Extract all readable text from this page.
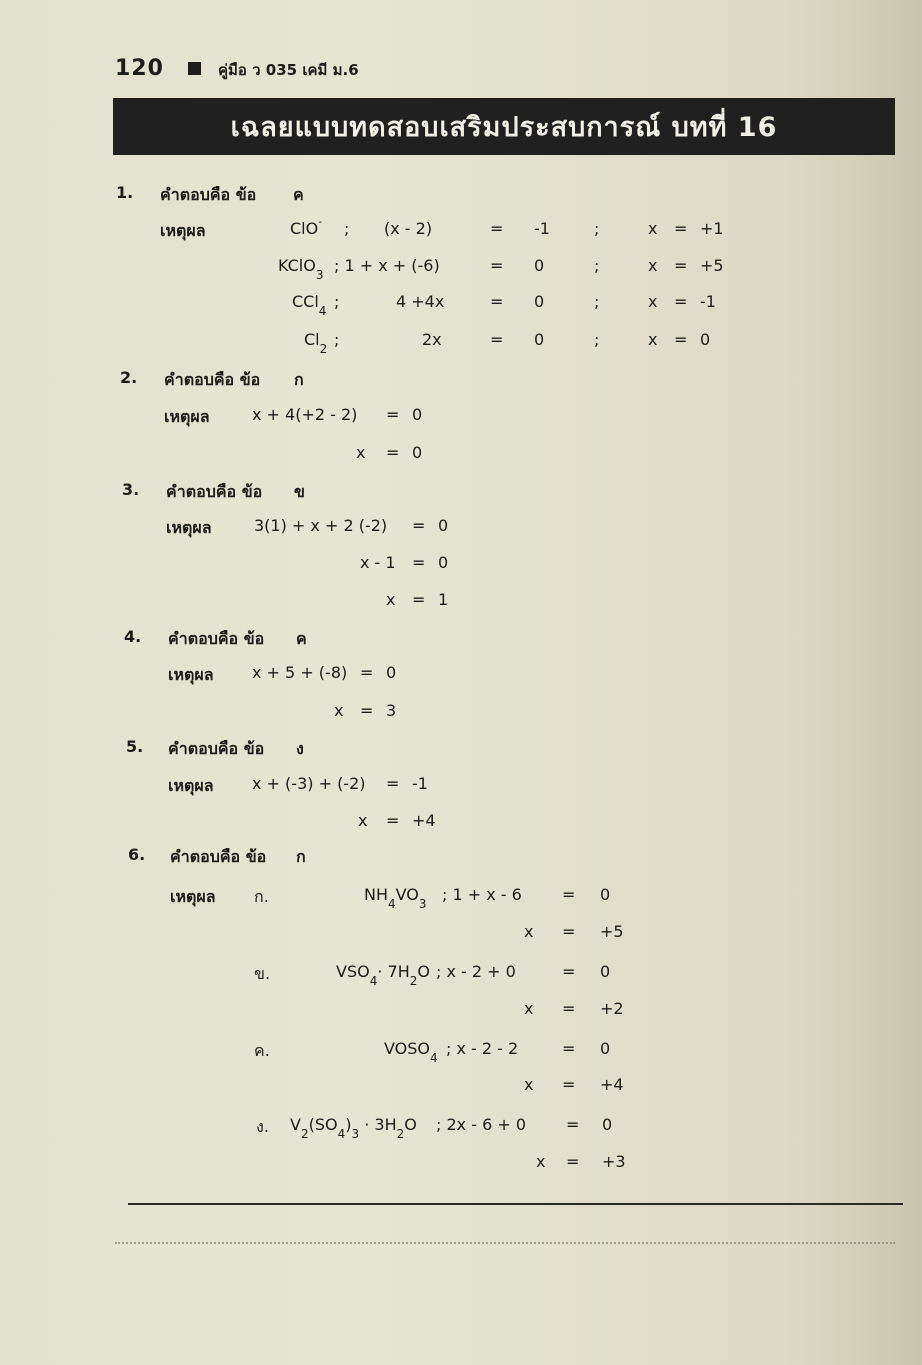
120	คู่มือ ว 035 เคมี ม.6
เฉลยแบบทดสอบเสริมประสบการณ์ บทที่ 16
1. คำตอบคือ ข้อ ค
เหตุผล	ClO- ; (x - 2)	= -1	;	x = +1
KClO$_3$ ; 1 + x + (-6)	= 0	;	x = +5
CCl$_4$ ;	4 +4x	= 0	;	x = -1
$Cl_2$ ;	2x	= 0	;	x = 0
2. คำตอบคือ ข้อ ก
เหตุผล	x + 4(+2 - 2) = 0
x = 0
3. คำตอบคือ ข้อ ข
เหตุผล	3(1) + x + 2 (-2) = 0
x - 1 = 0
x = 1
4. คำตอบคือ ข้อ ค
เหตุผล x + 5 + (-8) = 0
x = 3
5. คำตอบคือ ข้อ ง
เหตุผล x + (-3) + (-2) = -1
x = +4
6. คำตอบคือ ข้อ ก
เหตุผล ก.	$NH_4VO_3$ ; 1 + x - 6	= 0
x = +5
ข.	$VSO_4\cdot 7H_2O$ ; x - 2 + 0	= 0
x = +2
ค.	$VOSO_4$ ; x - 2 - 2	= 0
x = +4
ง. $V_2(SO_4)_3 \cdot 3H_2O$ ; 2x - 6 + 0 = 0
x = +3
